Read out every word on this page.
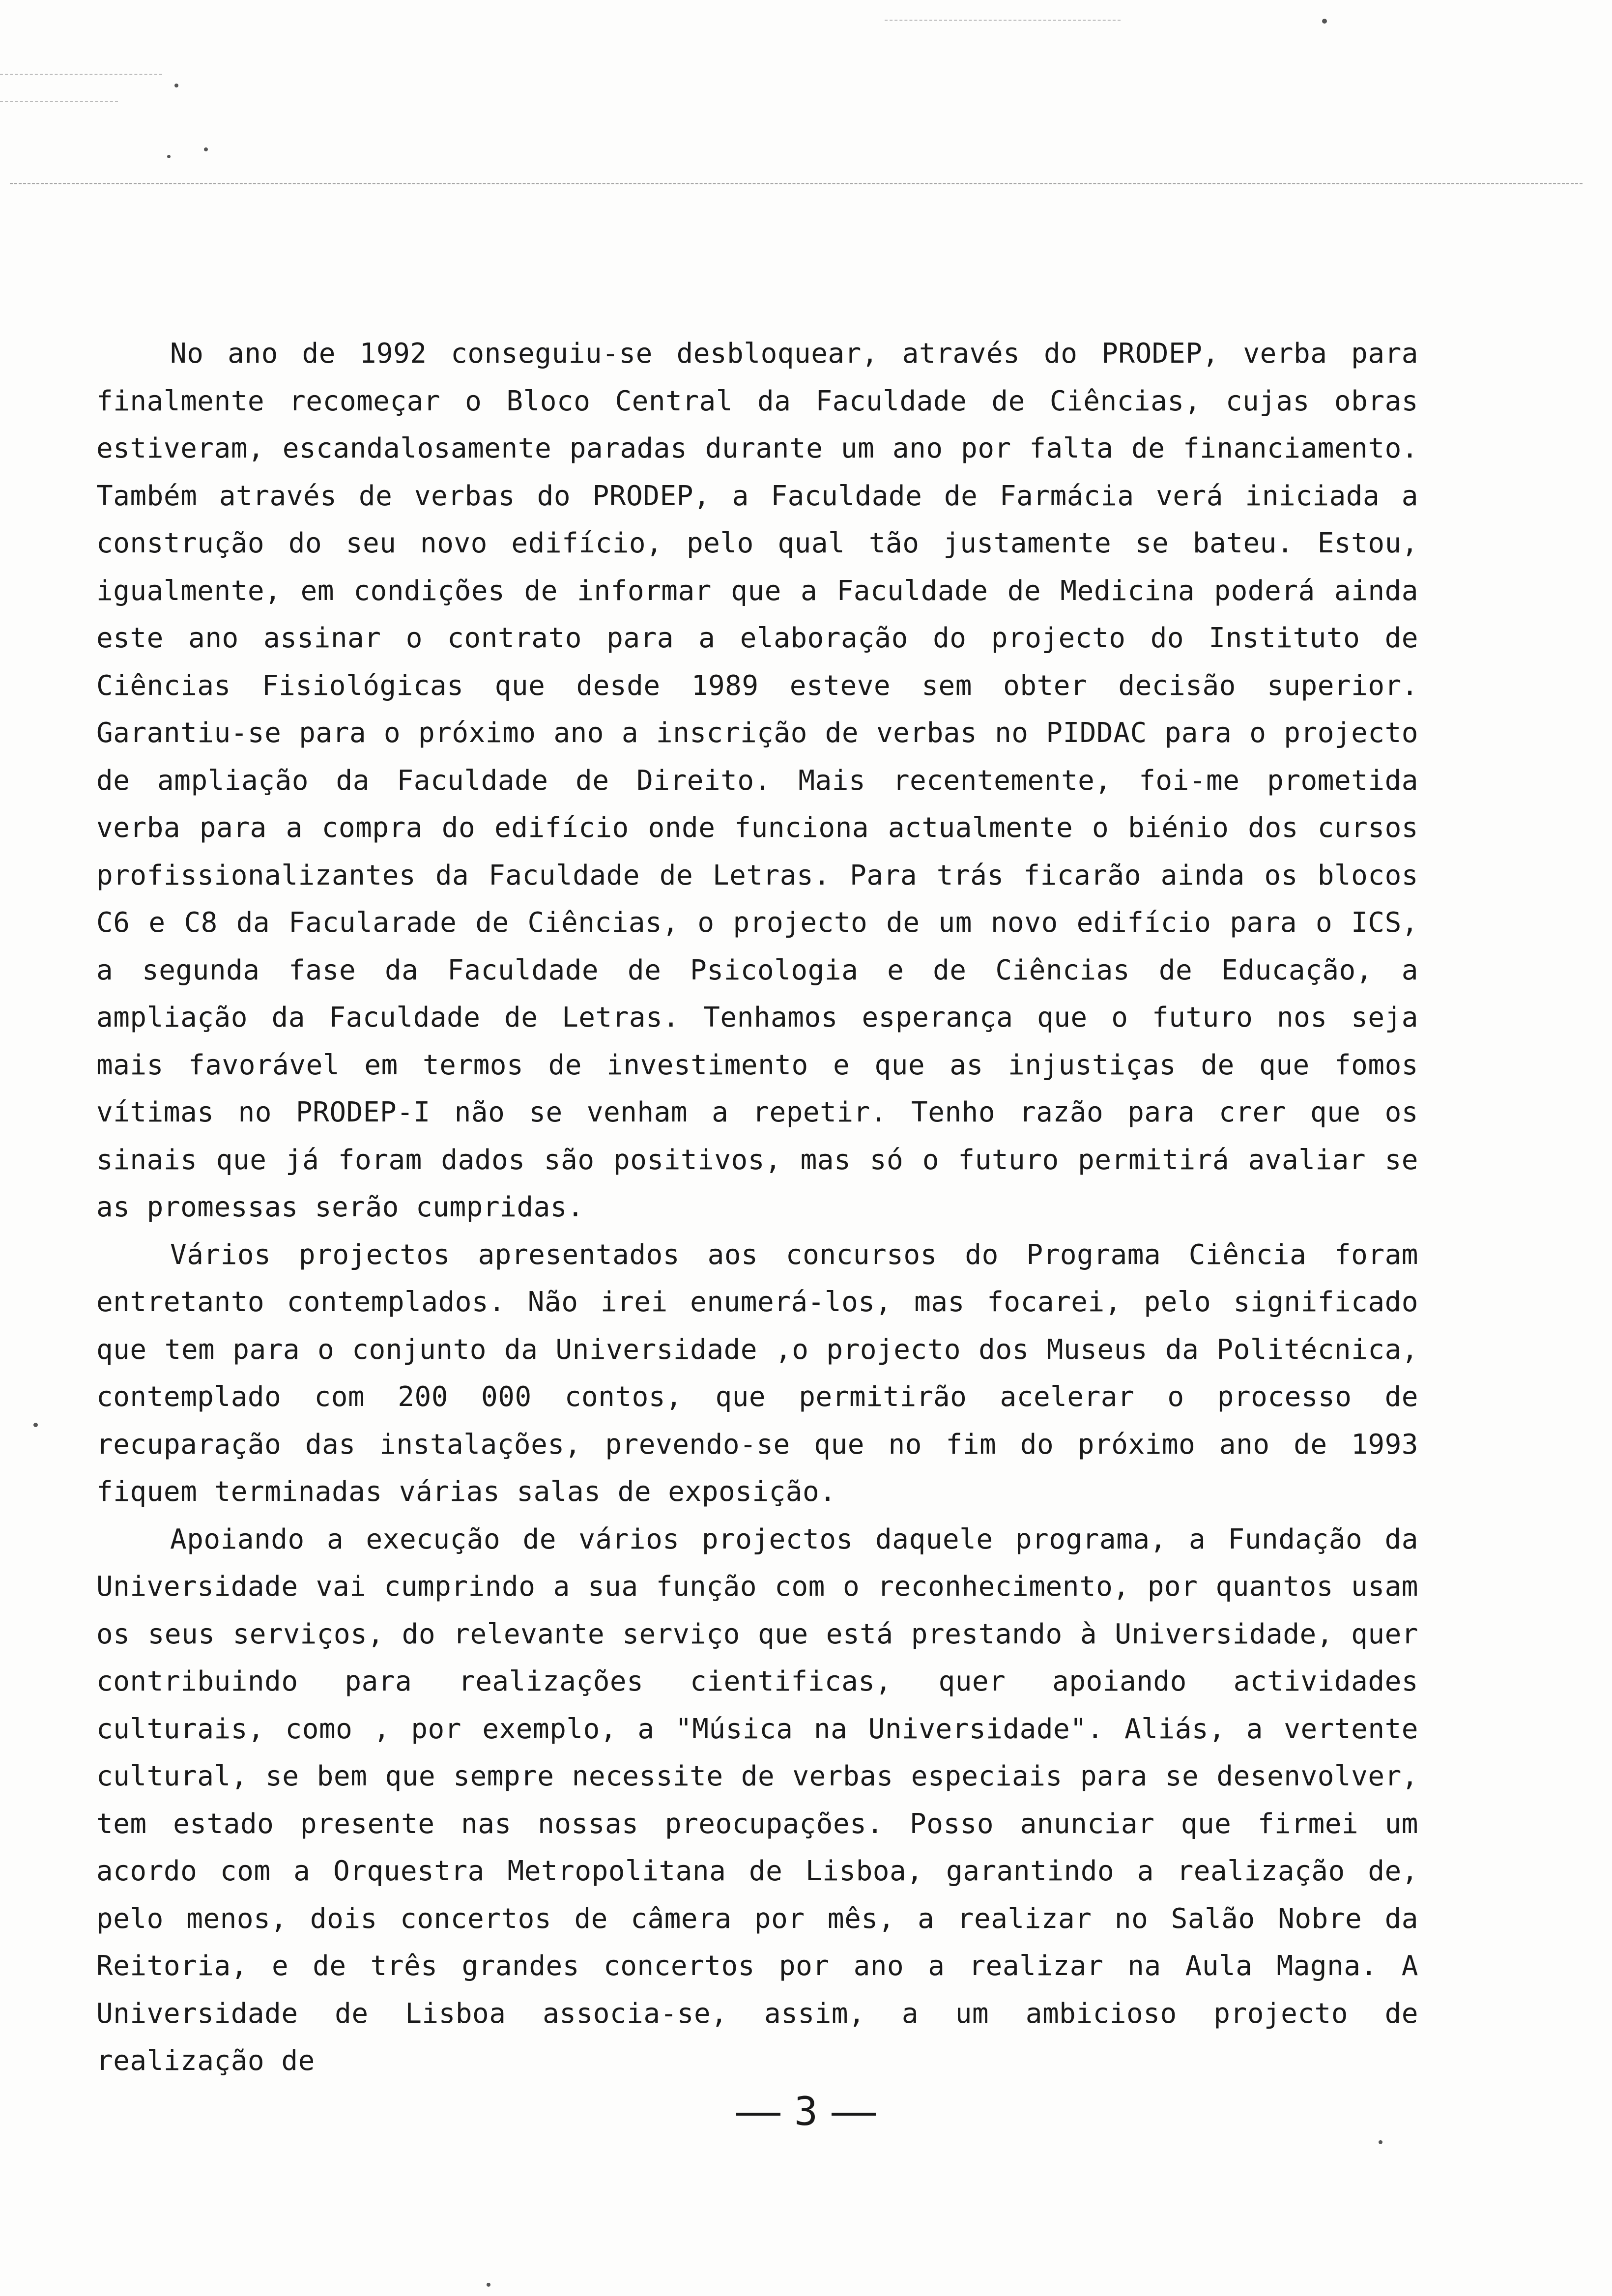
No ano de 1992 conseguiu-se desbloquear, através do PRODEP, verba para finalmente recomeçar o Bloco Central da Faculdade de Ciências, cujas obras estiveram, escandalosamente paradas durante um ano por falta de financiamento. Também através de verbas do PRODEP, a Faculdade de Farmácia verá iniciada a construção do seu novo edifício, pelo qual tão justamente se bateu. Estou, igualmente, em condições de informar que a Faculdade de Medicina poderá ainda este ano assinar o contrato para a elaboração do projecto do Instituto de Ciências Fisiológicas que desde 1989 esteve sem obter decisão superior. Garantiu-se para o próximo ano a inscrição de verbas no PIDDAC para o projecto de ampliação da Faculdade de Direito. Mais recentemente, foi-me prometida verba para a compra do edifício onde funciona actualmente o biénio dos cursos profissionalizantes da Faculdade de Letras. Para trás ficarão ainda os blocos C6 e C8 da Facularade de Ciências, o projecto de um novo edifício para o ICS, a segunda fase da Faculdade de Psicologia e de Ciências de Educação, a ampliação da Faculdade de Letras. Tenhamos esperança que o futuro nos seja mais favorável em termos de investimento e que as injustiças de que fomos vítimas no PRODEP-I não se venham a repetir. Tenho razão para crer que os sinais que já foram dados são positivos, mas só o futuro permitirá avaliar se as promessas serão cumpridas.

Vários projectos apresentados aos concursos do Programa Ciência foram entretanto contemplados. Não irei enumerá-los, mas focarei, pelo significado que tem para o conjunto da Universidade ,o projecto dos Museus da Politécnica, contemplado com 200 000 contos, que permitirão acelerar o processo de recuparação das instalações, prevendo-se que no fim do próximo ano de 1993 fiquem terminadas várias salas de exposição.

Apoiando a execução de vários projectos daquele programa, a Fundação da Universidade vai cumprindo a sua função com o reconhecimento, por quantos usam os seus serviços, do relevante serviço que está prestando à Universidade, quer contribuindo para realizações cientificas, quer apoiando actividades culturais, como , por exemplo, a "Música na Universidade". Aliás, a vertente cultural, se bem que sempre necessite de verbas especiais para se desenvolver, tem estado presente nas nossas preocupações. Posso anunciar que firmei um acordo com a Orquestra Metropolitana de Lisboa, garantindo a realização de, pelo menos, dois concertos de câmera por mês, a realizar no Salão Nobre da Reitoria, e de três grandes concertos por ano a realizar na Aula Magna. A Universidade de Lisboa associa-se, assim, a um ambicioso projecto de realização de

3
